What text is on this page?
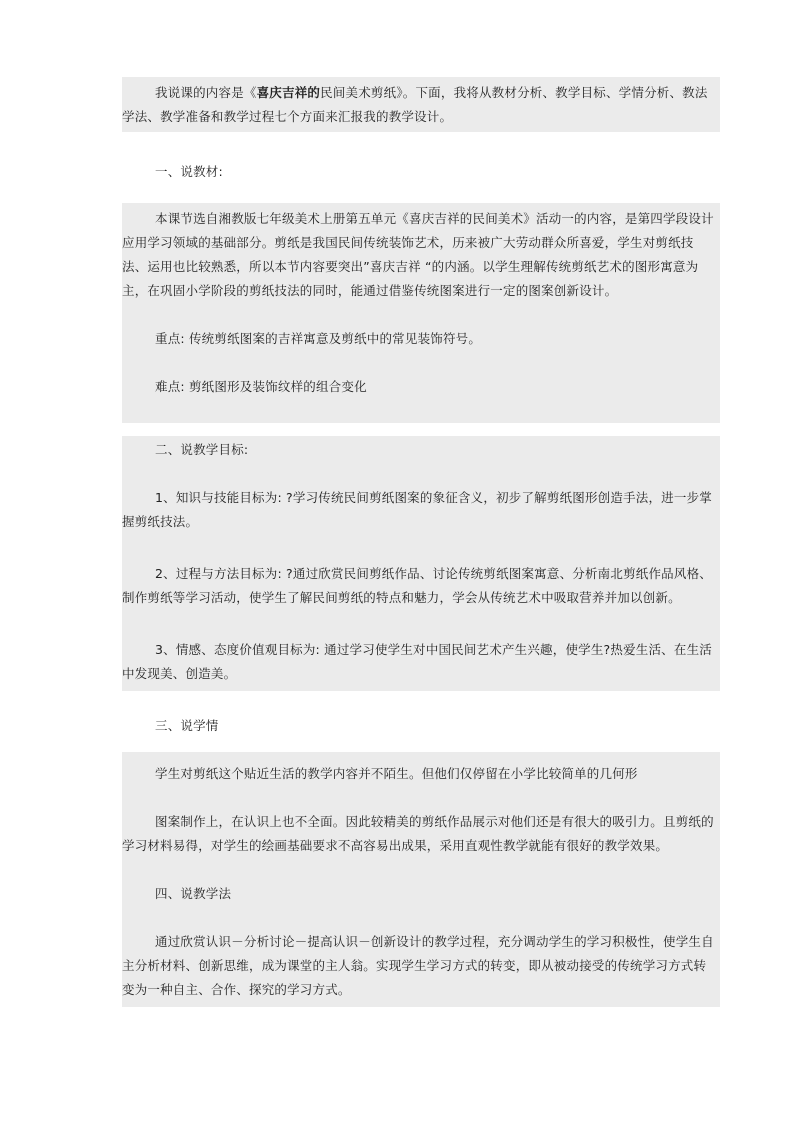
我说课的内容是《喜庆吉祥的民间美术剪纸》。下面，我将从教材分析、教学目标、学情分析、教法学法、教学准备和教学过程七个方面来汇报我的教学设计。

一、说教材:

本课节选自湘教版七年级美术上册第五单元《喜庆吉祥的民间美术》活动一的内容，是第四学段设计应用学习领域的基础部分。剪纸是我国民间传统装饰艺术，历来被广大劳动群众所喜爱，学生对剪纸技法、运用也比较熟悉，所以本节内容要突出”喜庆吉祥 “的内涵。以学生理解传统剪纸艺术的图形寓意为主，在巩固小学阶段的剪纸技法的同时，能通过借鉴传统图案进行一定的图案创新设计。

重点: 传统剪纸图案的吉祥寓意及剪纸中的常见装饰符号。

难点: 剪纸图形及装饰纹样的组合变化

二、说教学目标:

1、知识与技能目标为: ?学习传统民间剪纸图案的象征含义，初步了解剪纸图形创造手法，进一步掌握剪纸技法。

2、过程与方法目标为: ?通过欣赏民间剪纸作品、讨论传统剪纸图案寓意、分析南北剪纸作品风格、制作剪纸等学习活动，使学生了解民间剪纸的特点和魅力，学会从传统艺术中吸取营养并加以创新。

3、情感、态度价值观目标为: 通过学习使学生对中国民间艺术产生兴趣，使学生?热爱生活、在生活中发现美、创造美。

三、说学情

学生对剪纸这个贴近生活的教学内容并不陌生。但他们仅停留在小学比较简单的几何形

图案制作上，在认识上也不全面。因此较精美的剪纸作品展示对他们还是有很大的吸引力。且剪纸的学习材料易得，对学生的绘画基础要求不高容易出成果，采用直观性教学就能有很好的教学效果。

四、说教学法

通过欣赏认识－分析讨论－提高认识－创新设计的教学过程，充分调动学生的学习积极性，使学生自主分析材料、创新思维，成为课堂的主人翁。实现学生学习方式的转变，即从被动接受的传统学习方式转变为一种自主、合作、探究的学习方式。
